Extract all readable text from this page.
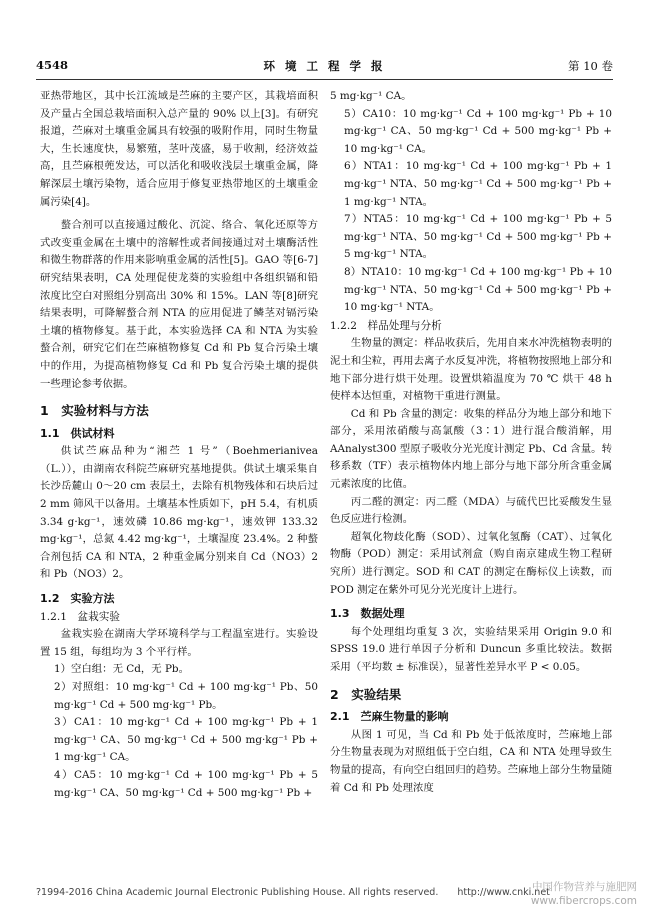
4548	环 境 工 程 学 报	第 10 卷

亚热带地区，其中长江流域是苎麻的主要产区，其栽培面积及产量占全国总栽培面积入总产量的 90% 以上[3]。有研究报道，苎麻对土壤重金属具有较强的吸附作用，同时生物量大，生长速度快，易繁殖，茎叶茂盛，易于收割，经济效益高，且苎麻根蔸发达，可以活化和吸收浅层土壤重金属，降解深层土壤污染物，适合应用于修复亚热带地区的土壤重金属污染[4]。

螯合剂可以直接通过酸化、沉淀、络合、氧化还原等方式改变重金属在土壤中的溶解性或者间接通过对土壤酶活性和微生物群落的作用来影响重金属的活性[5]。GAO 等[6-7]研究结果表明，CA 处理促使龙葵的实验组中各组织镉和铅浓度比空白对照组分别高出 30% 和 15%。LAN 等[8]研究结果表明，可降解螯合剂 NTA 的应用促进了鳞茎对镉污染土壤的植物修复。基于此，本实验选择 CA 和 NTA 为实验螯合剂，研究它们在苎麻植物修复 Cd 和 Pb 复合污染土壤中的作用，为提高植物修复 Cd 和 Pb 复合污染土壤的提供一些理论参考依据。

1　实验材料与方法

1.1　供试材料

供试苎麻品种为“湘苎 1 号”（Boehmerianivea（L.）），由湖南农科院苎麻研究基地提供。供试土壤采集自长沙岳麓山 0～20 cm 表层土，去除有机物残体和石块后过 2 mm 筛风干以备用。土壤基本性质如下，pH 5.4，有机质 3.34 g·kg⁻¹，速效磷 10.86 mg·kg⁻¹，速效钾 133.32 mg·kg⁻¹，总氮 4.42 mg·kg⁻¹，土壤湿度 23.4%。2 种螯合剂包括 CA 和 NTA，2 种重金属分别来自 Cd（NO3）2 和 Pb（NO3）2。

1.2　实验方法

1.2.1　盆栽实验

盆栽实验在湖南大学环境科学与工程温室进行。实验设置 15 组，每组均为 3 个平行样。

1）空白组：无 Cd，无 Pb。

2）对照组：10 mg·kg⁻¹ Cd + 100 mg·kg⁻¹ Pb、50 mg·kg⁻¹ Cd + 500 mg·kg⁻¹ Pb。

3）CA1：10 mg·kg⁻¹ Cd + 100 mg·kg⁻¹ Pb + 1 mg·kg⁻¹ CA、50 mg·kg⁻¹ Cd + 500 mg·kg⁻¹ Pb + 1 mg·kg⁻¹ CA。

4）CA5：10 mg·kg⁻¹ Cd + 100 mg·kg⁻¹ Pb + 5 mg·kg⁻¹ CA、50 mg·kg⁻¹ Cd + 500 mg·kg⁻¹ Pb +

5 mg·kg⁻¹ CA。

5）CA10：10 mg·kg⁻¹ Cd + 100 mg·kg⁻¹ Pb + 10 mg·kg⁻¹ CA、50 mg·kg⁻¹ Cd + 500 mg·kg⁻¹ Pb + 10 mg·kg⁻¹ CA。

6）NTA1：10 mg·kg⁻¹ Cd + 100 mg·kg⁻¹ Pb + 1 mg·kg⁻¹ NTA、50 mg·kg⁻¹ Cd + 500 mg·kg⁻¹ Pb + 1 mg·kg⁻¹ NTA。

7）NTA5：10 mg·kg⁻¹ Cd + 100 mg·kg⁻¹ Pb + 5 mg·kg⁻¹ NTA、50 mg·kg⁻¹ Cd + 500 mg·kg⁻¹ Pb + 5 mg·kg⁻¹ NTA。

8）NTA10：10 mg·kg⁻¹ Cd + 100 mg·kg⁻¹ Pb + 10 mg·kg⁻¹ NTA、50 mg·kg⁻¹ Cd + 500 mg·kg⁻¹ Pb + 10 mg·kg⁻¹ NTA。

1.2.2　样品处理与分析

生物量的测定：样品收获后，先用自来水冲洗植物表明的泥土和尘粒，再用去离子水反复冲洗，将植物按照地上部分和地下部分进行烘干处理。设置烘箱温度为 70 ℃ 烘干 48 h 使样本达恒重，对植物干重进行测量。

Cd 和 Pb 含量的测定：收集的样品分为地上部分和地下部分，采用浓硝酸与高氯酸（3∶1）进行混合酸消解，用 AAnalyst300 型原子吸收分光光度计测定 Pb、Cd 含量。转移系数（TF）表示植物体内地上部分与地下部分所含重金属元素浓度的比值。

丙二醛的测定：丙二醛（MDA）与硫代巴比妥酸发生显色反应进行检测。

超氧化物歧化酶（SOD）、过氧化氢酶（CAT）、过氧化物酶（POD）测定：采用试剂盒（购自南京建成生物工程研究所）进行测定。SOD 和 CAT 的测定在酶标仪上读数，而 POD 测定在紫外可见分光光度计上进行。

1.3　数据处理

每个处理组均重复 3 次，实验结果采用 Origin 9.0 和 SPSS 19.0 进行单因子分析和 Duncun 多重比较法。数据采用（平均数 ± 标准误），显著性差异水平 P < 0.05。

2　实验结果

2.1　苎麻生物量的影响

从图 1 可见，当 Cd 和 Pb 处于低浓度时，苎麻地上部分生物量表现为对照组低于空白组，CA 和 NTA 处理导致生物量的提高，有向空白组回归的趋势。苎麻地上部分生物量随着 Cd 和 Pb 处理浓度

?1994-2016 China Academic Journal Electronic Publishing House. All rights reserved.　　http://www.cnki.net
中国作物营养与施肥网
www.fibercrops.com
